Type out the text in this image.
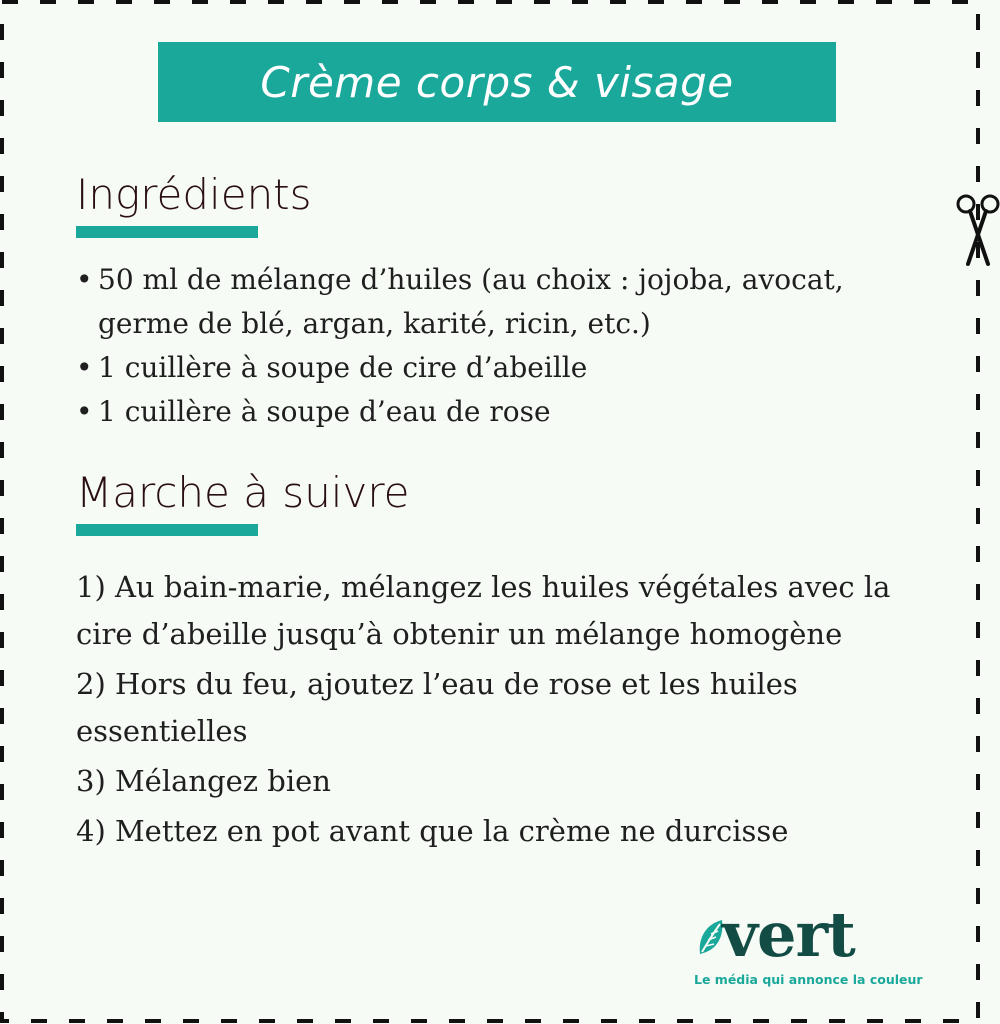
Crème corps & visage
Ingrédients
• 50 ml de mélange d’huiles (au choix : jojoba, avocat, germe de blé, argan, karité, ricin, etc.)
• 1 cuillère à soupe de cire d’abeille
• 1 cuillère à soupe d’eau de rose
Marche à suivre
1) Au bain-marie, mélangez les huiles végétales avec la cire d’abeille jusqu’à obtenir un mélange homogène
2) Hors du feu, ajoutez l’eau de rose et les huiles essentielles
3) Mélangez bien
4) Mettez en pot avant que la crème ne durcisse
vert
Le média qui annonce la couleur
